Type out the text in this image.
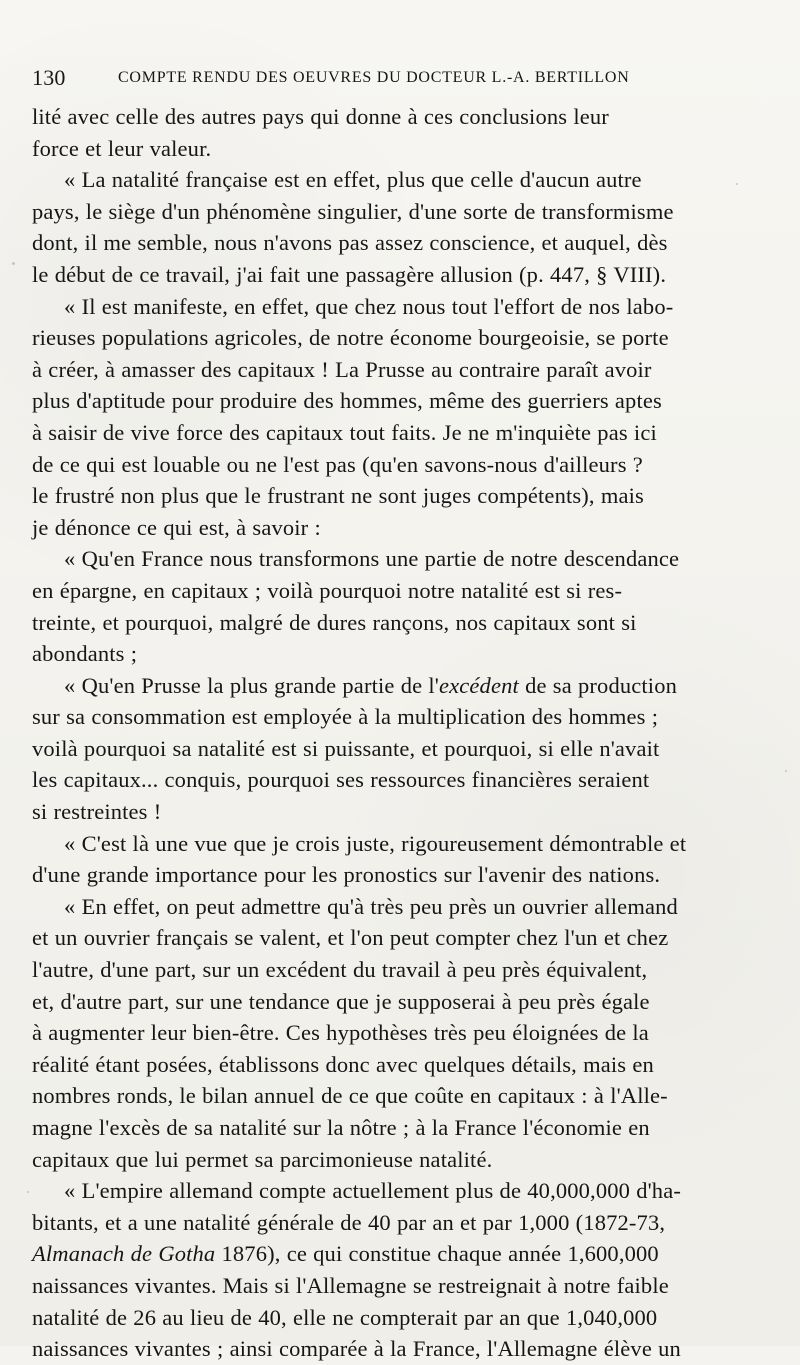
130	COMPTE RENDU DES OEUVRES DU DOCTEUR L.-A. BERTILLON
lité avec celle des autres pays qui donne à ces conclusions leur
force et leur valeur.
« La natalité française est en effet, plus que celle d'aucun autre
pays, le siège d'un phénomène singulier, d'une sorte de transformisme
dont, il me semble, nous n'avons pas assez conscience, et auquel, dès
le début de ce travail, j'ai fait une passagère allusion (p. 447, § VIII).
« Il est manifeste, en effet, que chez nous tout l'effort de nos labo-
rieuses populations agricoles, de notre économe bourgeoisie, se porte
à créer, à amasser des capitaux ! La Prusse au contraire paraît avoir
plus d'aptitude pour produire des hommes, même des guerriers aptes
à saisir de vive force des capitaux tout faits. Je ne m'inquiète pas ici
de ce qui est louable ou ne l'est pas (qu'en savons-nous d'ailleurs ?
le frustré non plus que le frustrant ne sont juges compétents), mais
je dénonce ce qui est, à savoir :
« Qu'en France nous transformons une partie de notre descendance
en épargne, en capitaux ; voilà pourquoi notre natalité est si res-
treinte, et pourquoi, malgré de dures rançons, nos capitaux sont si
abondants ;
« Qu'en Prusse la plus grande partie de l'excédent de sa production
sur sa consommation est employée à la multiplication des hommes ;
voilà pourquoi sa natalité est si puissante, et pourquoi, si elle n'avait
les capitaux... conquis, pourquoi ses ressources financières seraient
si restreintes !
« C'est là une vue que je crois juste, rigoureusement démontrable et
d'une grande importance pour les pronostics sur l'avenir des nations.
« En effet, on peut admettre qu'à très peu près un ouvrier allemand
et un ouvrier français se valent, et l'on peut compter chez l'un et chez
l'autre, d'une part, sur un excédent du travail à peu près équivalent,
et, d'autre part, sur une tendance que je supposerai à peu près égale
à augmenter leur bien-être. Ces hypothèses très peu éloignées de la
réalité étant posées, établissons donc avec quelques détails, mais en
nombres ronds, le bilan annuel de ce que coûte en capitaux : à l'Alle-
magne l'excès de sa natalité sur la nôtre ; à la France l'économie en
capitaux que lui permet sa parcimonieuse natalité.
« L'empire allemand compte actuellement plus de 40,000,000 d'ha-
bitants, et a une natalité générale de 40 par an et par 1,000 (1872-73,
Almanach de Gotha 1876), ce qui constitue chaque année 1,600,000
naissances vivantes. Mais si l'Allemagne se restreignait à notre faible
natalité de 26 au lieu de 40, elle ne compterait par an que 1,040,000
naissances vivantes ; ainsi comparée à la France, l'Allemagne élève un
